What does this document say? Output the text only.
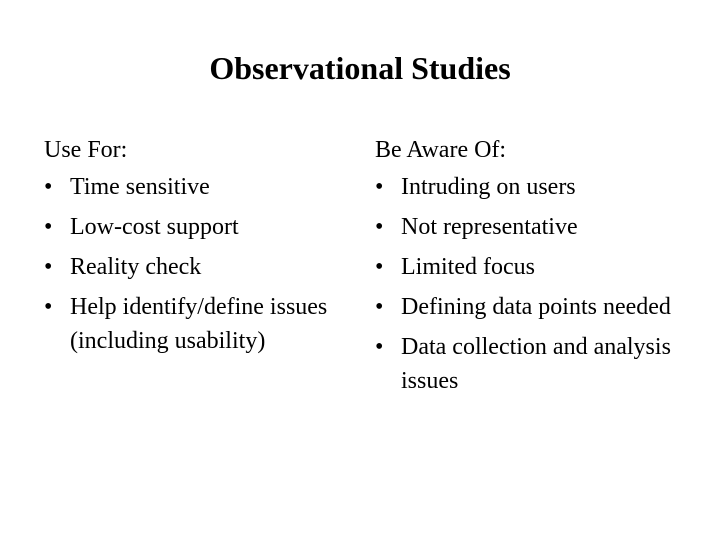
Observational Studies
Use For:
• Time sensitive
• Low-cost support
• Reality check
• Help identify/define issues (including usability)
Be Aware Of:
• Intruding on users
• Not representative
• Limited focus
• Defining data points needed
• Data collection and analysis issues
